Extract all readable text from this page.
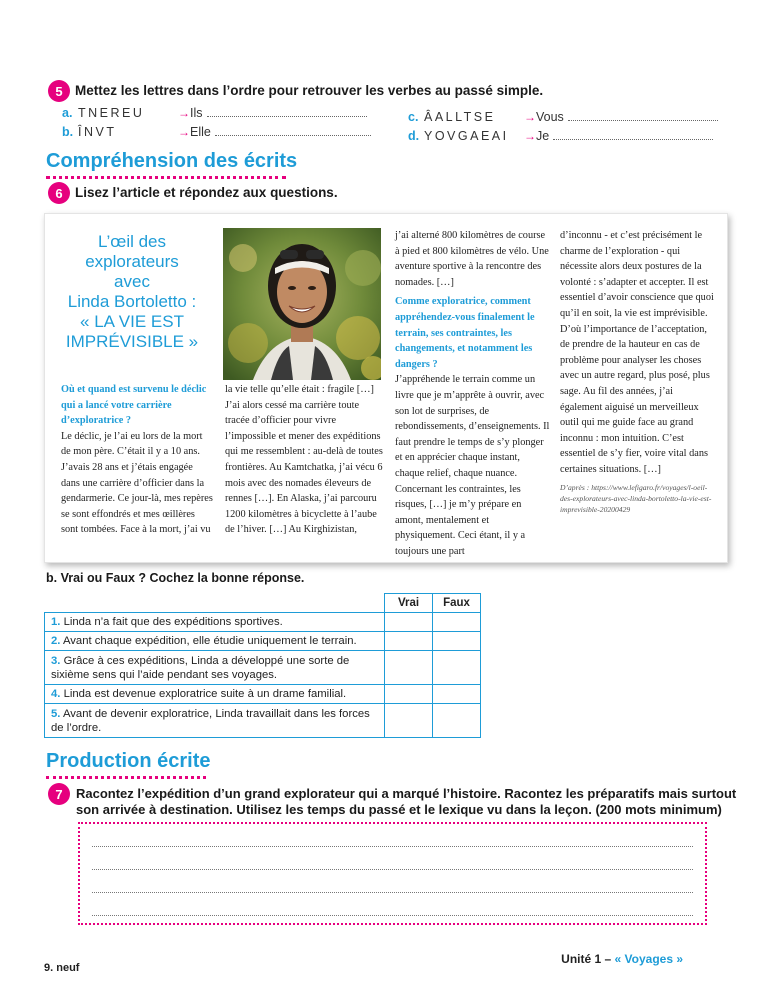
5 Mettez les lettres dans l’ordre pour retrouver les verbes au passé simple.
a. TNEREU	→ Ils
b. ÎNVT	→ Elle
c. ÂALLTSE	→ Vous
d. YOVGAEAI	→ Je
Compréhension des écrits
6 Lisez l’article et répondez aux questions.
L’œil des
explorateurs
avec
Linda Bortoletto :
« LA VIE EST
IMPRÉVISIBLE »

Où et quand est survenu le déclic qui a lancé votre carrière d’exploratrice ?

Le déclic, je l’ai eu lors de la mort de mon père. C’était il y a 10 ans. J’avais 28 ans et j’étais engagée dans une carrière d’officier dans la gendarmerie. Ce jour-là, mes repères se sont effondrés et mes œillères sont tombées. Face à la mort, j’ai vu

la vie telle qu’elle était : fragile […] J’ai alors cessé ma carrière toute tracée d’officier pour vivre l’impossible et mener des expéditions qui me ressemblent : au-delà de toutes frontières. Au Kamtchatka, j’ai vécu 6 mois avec des nomades éleveurs de rennes […]. En Alaska, j’ai parcouru 1200 kilomètres à bicyclette à l’aube de l’hiver. […] Au Kirghizistan,

j’ai alterné 800 kilomètres de course à pied et 800 kilomètres de vélo. Une aventure sportive à la rencontre des nomades. […]

Comme exploratrice, comment appréhendez-vous finalement le terrain, ses contraintes, les changements, et notamment les dangers ?

J’appréhende le terrain comme un livre que je m’apprête à ouvrir, avec son lot de surprises, de rebondissements, d’enseignements. Il faut prendre le temps de s’y plonger et en apprécier chaque instant, chaque relief, chaque nuance. Concernant les contraintes, les risques, […] je m’y prépare en amont, mentalement et physiquement. Ceci étant, il y a toujours une part

d’inconnu - et c’est précisément le charme de l’exploration - qui nécessite alors deux postures de la volonté : s’adapter et accepter. Il est essentiel d’avoir conscience que quoi qu’il en soit, la vie est imprévisible. D’où l’importance de l’acceptation, de prendre de la hauteur en cas de problème pour analyser les choses avec un autre regard, plus posé, plus sage. Au fil des années, j’ai également aiguisé un merveilleux outil qui me guide face au grand inconnu : mon intuition. C’est essentiel de s’y fier, voire vital dans certaines situations. […]

D’après : https://www.lefigaro.fr/voyages/l-oeil-des-explorateurs-avec-linda-bortoletto-la-vie-est-imprevisible-20200429

b. Vrai ou Faux ? Cochez la bonne réponse.
	Vrai	Faux
1. Linda n’a fait que des expéditions sportives.		
2. Avant chaque expédition, elle étudie uniquement le terrain.		
3. Grâce à ces expéditions, Linda a développé une sorte de sixième sens qui l’aide pendant ses voyages.		
4. Linda est devenue exploratrice suite à un drame familial.		
5. Avant de devenir exploratrice, Linda travaillait dans les forces de l’ordre.		
Production écrite
7	Racontez l’expédition d’un grand explorateur qui a marqué l’histoire. Racontez les préparatifs mais surtout
son arrivée à destination. Utilisez les temps du passé et le lexique vu dans la leçon. (200 mots minimum)
9. neuf
Unité 1 – « Voyages »
